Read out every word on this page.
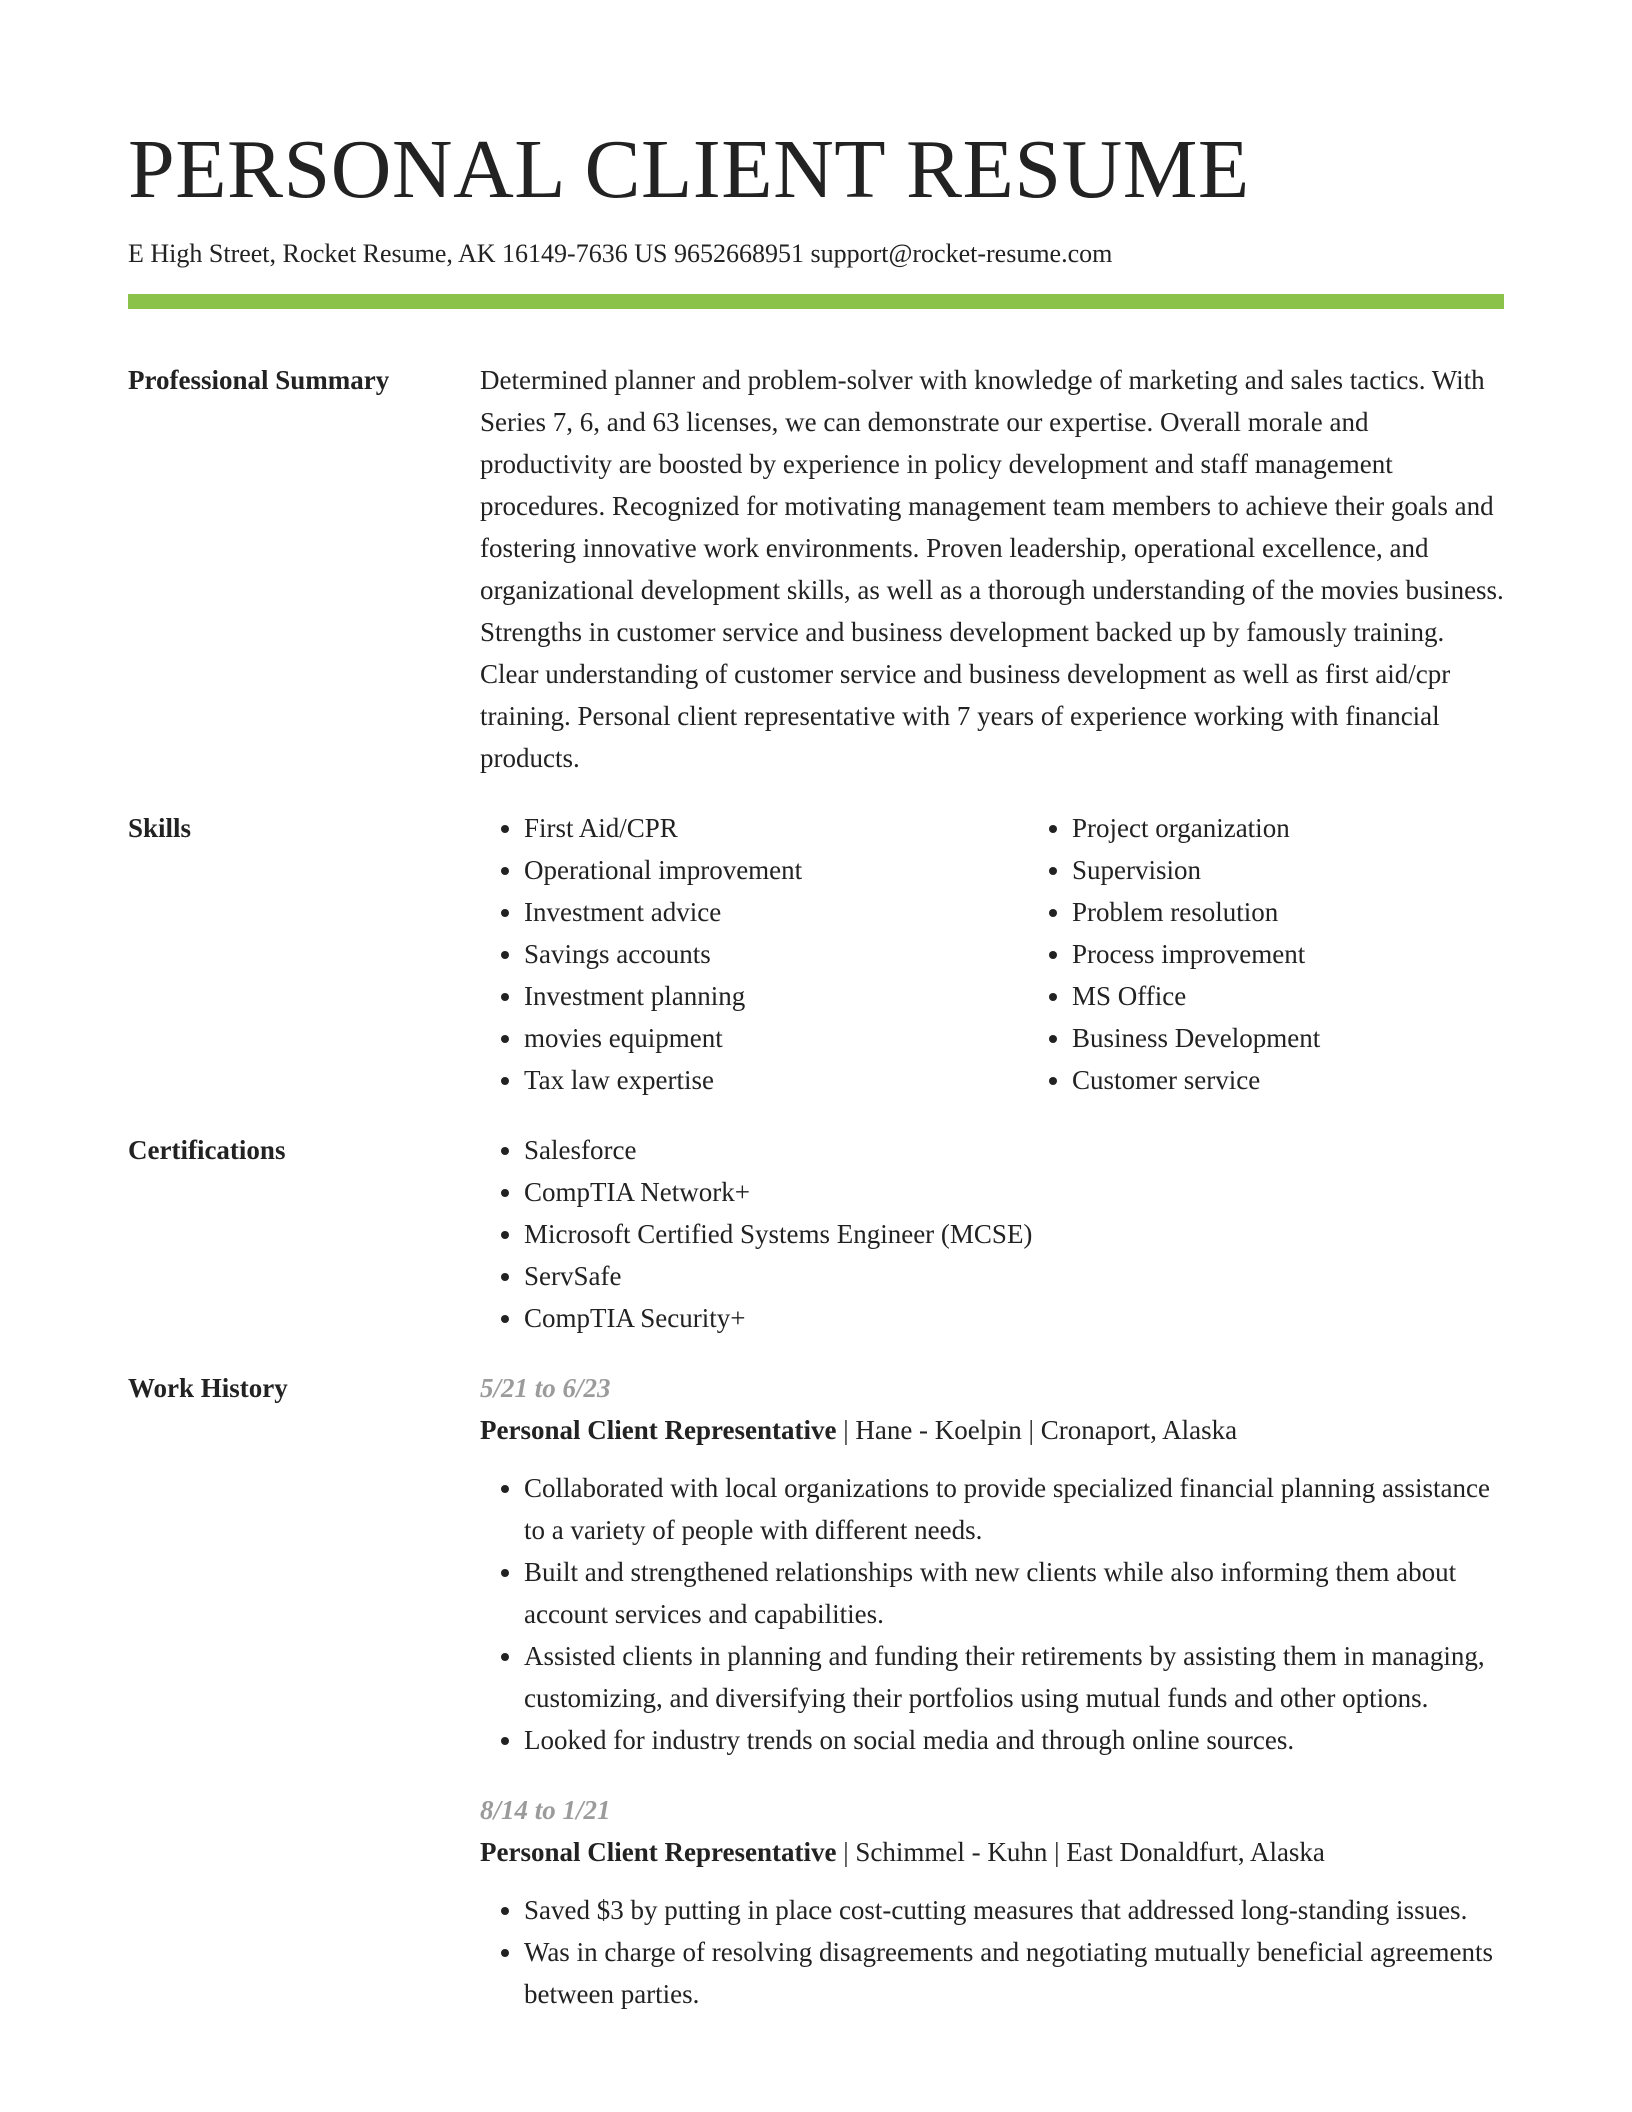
PERSONAL CLIENT RESUME
E High Street, Rocket Resume, AK 16149-7636 US 9652668951 support@rocket-resume.com
Professional Summary	Determined planner and problem-solver with knowledge of marketing and sales tactics. With Series 7, 6, and 63 licenses, we can demonstrate our expertise. Overall morale and productivity are boosted by experience in policy development and staff management procedures. Recognized for motivating management team members to achieve their goals and fostering innovative work environments. Proven leadership, operational excellence, and organizational development skills, as well as a thorough understanding of the movies business. Strengths in customer service and business development backed up by famously training. Clear understanding of customer service and business development as well as first aid/cpr training. Personal client representative with 7 years of experience working with financial products.

Skills	• First Aid/CPR
• Operational improvement
• Investment advice
• Savings accounts
• Investment planning
• movies equipment
• Tax law expertise
• Project organization
• Supervision
• Problem resolution
• Process improvement
• MS Office
• Business Development
• Customer service
Certifications	• Salesforce
• CompTIA Network+
• Microsoft Certified Systems Engineer (MCSE)
• ServSafe
• CompTIA Security+
Work History	5/21 to 6/23
Personal Client Representative | Hane - Koelpin | Cronaport, Alaska
• Collaborated with local organizations to provide specialized financial planning assistance to a variety of people with different needs.
• Built and strengthened relationships with new clients while also informing them about account services and capabilities.
• Assisted clients in planning and funding their retirements by assisting them in managing, customizing, and diversifying their portfolios using mutual funds and other options.
• Looked for industry trends on social media and through online sources.
8/14 to 1/21
Personal Client Representative | Schimmel - Kuhn | East Donaldfurt, Alaska
• Saved $3 by putting in place cost-cutting measures that addressed long-standing issues.
• Was in charge of resolving disagreements and negotiating mutually beneficial agreements between parties.
